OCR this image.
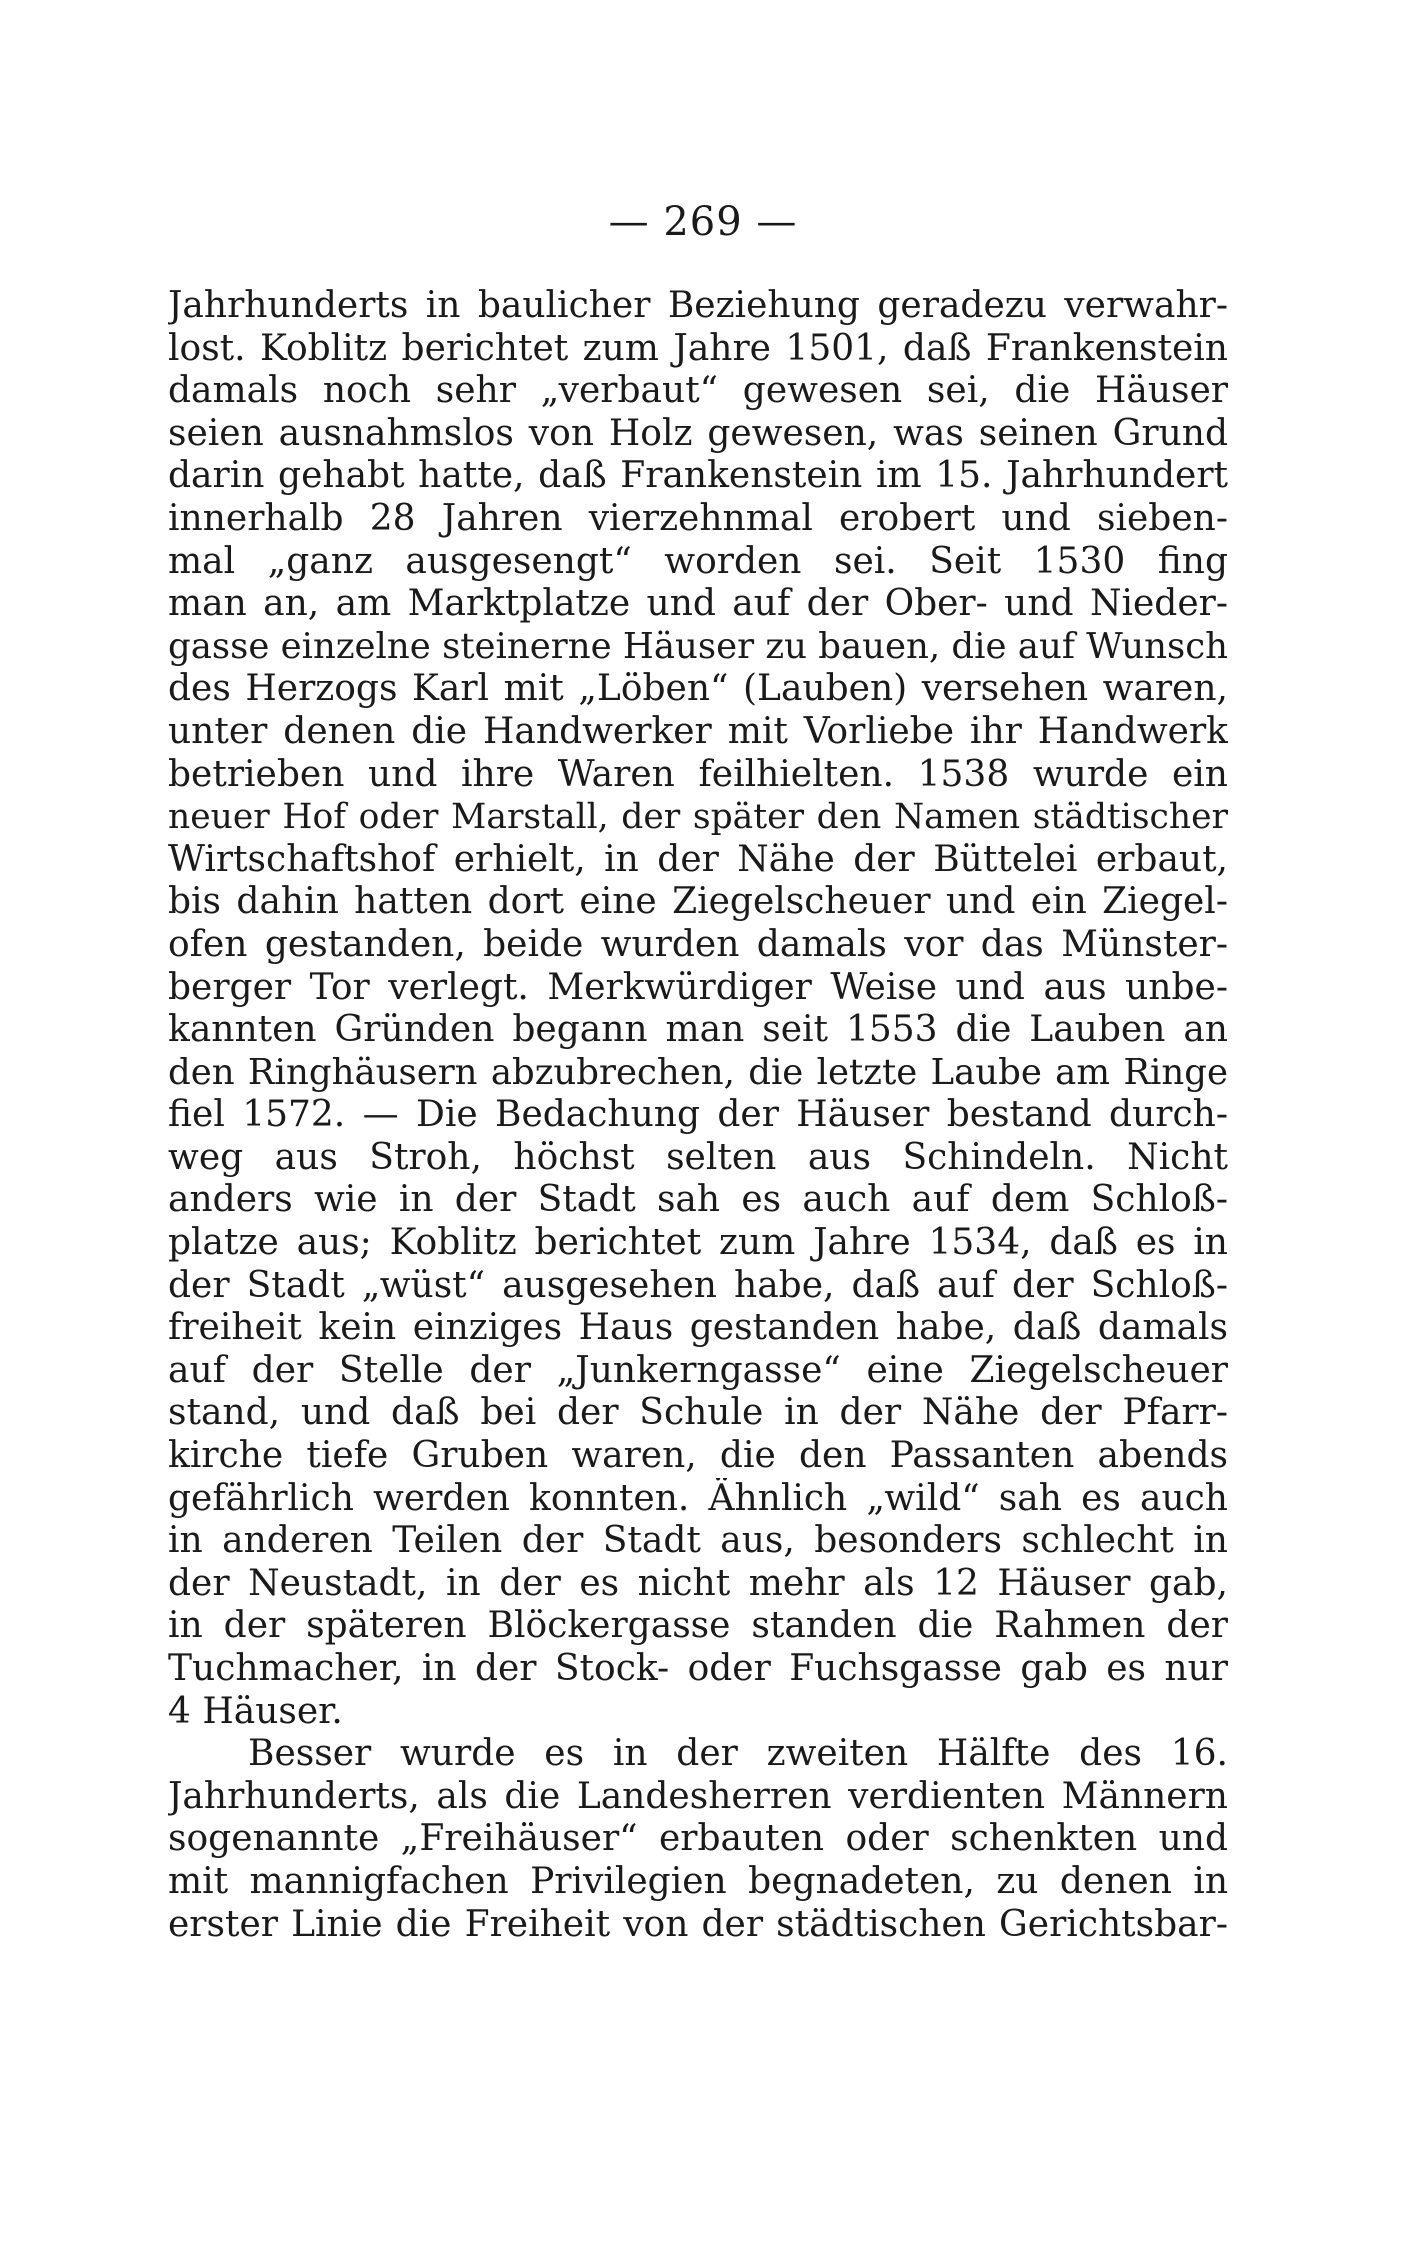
— 269 —
Jahrhunderts in baulicher Beziehung geradezu verwahr-
lost. Koblitz berichtet zum Jahre 1501, daß Frankenstein
damals noch sehr „verbaut“ gewesen sei, die Häuser
seien ausnahmslos von Holz gewesen, was seinen Grund
darin gehabt hatte, daß Frankenstein im 15. Jahrhundert
innerhalb 28 Jahren vierzehnmal erobert und sieben-
mal „ganz ausgesengt“ worden sei. Seit 1530 fing
man an, am Marktplatze und auf der Ober- und Nieder-
gasse einzelne steinerne Häuser zu bauen, die auf Wunsch
des Herzogs Karl mit „Löben“ (Lauben) versehen waren,
unter denen die Handwerker mit Vorliebe ihr Handwerk
betrieben und ihre Waren feilhielten. 1538 wurde ein
neuer Hof oder Marstall, der später den Namen städtischer
Wirtschaftshof erhielt, in der Nähe der Büttelei erbaut,
bis dahin hatten dort eine Ziegelscheuer und ein Ziegel-
ofen gestanden, beide wurden damals vor das Münster-
berger Tor verlegt. Merkwürdiger Weise und aus unbe-
kannten Gründen begann man seit 1553 die Lauben an
den Ringhäusern abzubrechen, die letzte Laube am Ringe
fiel 1572. — Die Bedachung der Häuser bestand durch-
weg aus Stroh, höchst selten aus Schindeln. Nicht
anders wie in der Stadt sah es auch auf dem Schloß-
platze aus; Koblitz berichtet zum Jahre 1534, daß es in
der Stadt „wüst“ ausgesehen habe, daß auf der Schloß-
freiheit kein einziges Haus gestanden habe, daß damals
auf der Stelle der „Junkerngasse“ eine Ziegelscheuer
stand, und daß bei der Schule in der Nähe der Pfarr-
kirche tiefe Gruben waren, die den Passanten abends
gefährlich werden konnten. Ähnlich „wild“ sah es auch
in anderen Teilen der Stadt aus, besonders schlecht in
der Neustadt, in der es nicht mehr als 12 Häuser gab,
in der späteren Blöckergasse standen die Rahmen der
Tuchmacher, in der Stock- oder Fuchsgasse gab es nur
4 Häuser.
Besser wurde es in der zweiten Hälfte des 16.
Jahrhunderts, als die Landesherren verdienten Männern
sogenannte „Freihäuser“ erbauten oder schenkten und
mit mannigfachen Privilegien begnadeten, zu denen in
erster Linie die Freiheit von der städtischen Gerichtsbar-
